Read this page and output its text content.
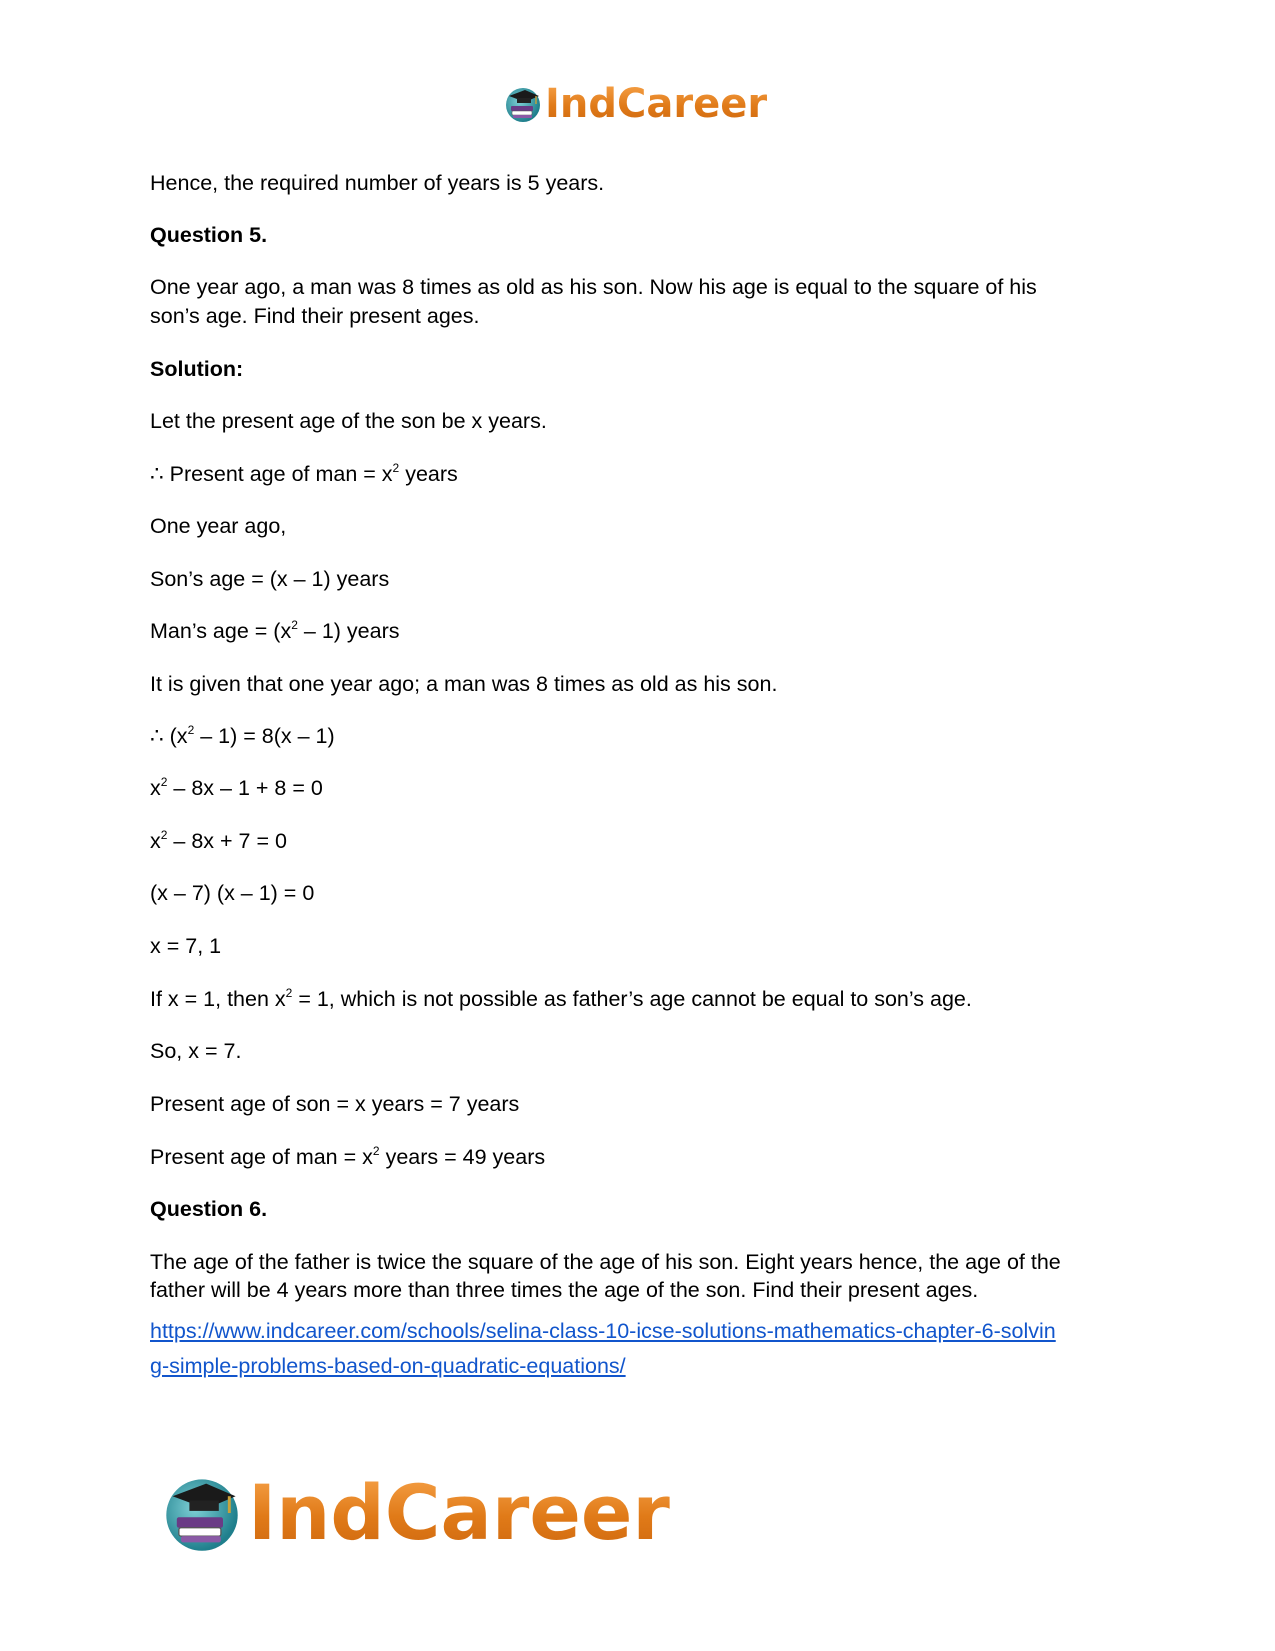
IndCareer
Hence, the required number of years is 5 years.
Question 5.
One year ago, a man was 8 times as old as his son. Now his age is equal to the square of his
son’s age. Find their present ages.
Solution:
Let the present age of the son be x years.
∴ Present age of man = $x^2$ years
One year ago,
Son’s age = (x – 1) years
Man’s age = $(x^2 - 1)$ years
It is given that one year ago; a man was 8 times as old as his son.
∴ $(x^2 - 1) = 8(x - 1)$
$x^2 - 8x - 1 + 8 = 0$
$x^2 - 8x + 7 = 0$
(x – 7) (x – 1) = 0
x = 7, 1
If x = 1, then $x^2 = 1$, which is not possible as father’s age cannot be equal to son’s age.
So, x = 7.
Present age of son = x years = 7 years
Present age of man = $x^2$ years = 49 years
Question 6.
The age of the father is twice the square of the age of his son. Eight years hence, the age of the
father will be 4 years more than three times the age of the son. Find their present ages.
https://www.indcareer.com/schools/selina-class-10-icse-solutions-mathematics-chapter-6-solvin
g-simple-problems-based-on-quadratic-equations/
IndCareer
